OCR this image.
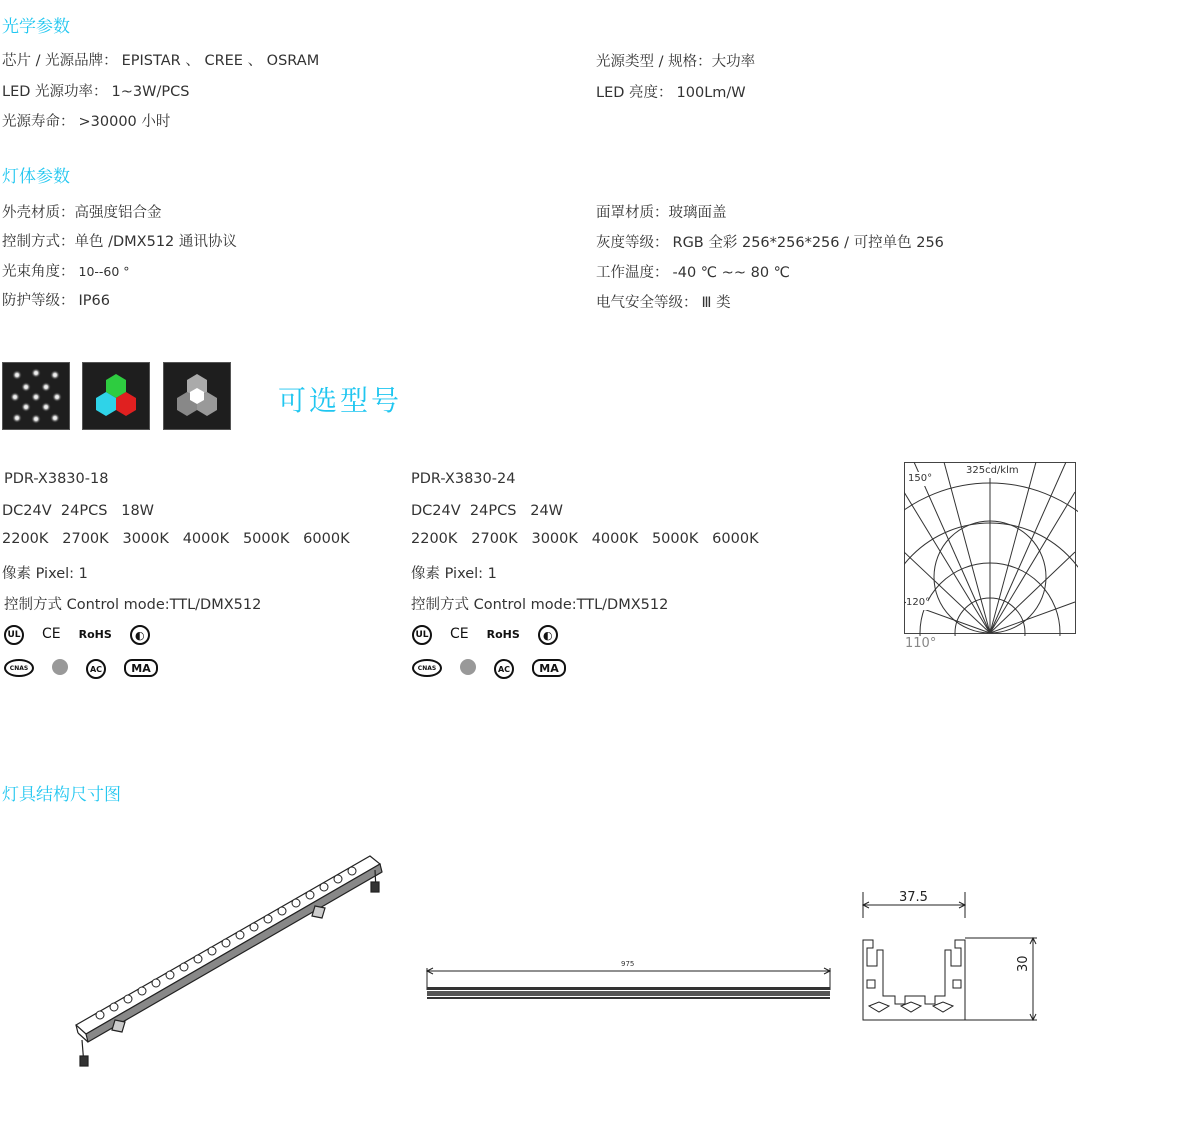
光学参数
芯片 / 光源品牌： EPISTAR 、 CREE 、 OSRAM
LED 光源功率： 1~3W/PCS
光源寿命： >30000 小时
光源类型 / 规格：大功率
LED 亮度： 100Lm/W
灯体参数
外壳材质：高强度铝合金
控制方式：单色 /DMX512 通讯协议
光束角度： 10--60 °
防护等级： IP66
面罩材质：玻璃面盖
灰度等级： RGB 全彩 256*256*256 / 可控单色 256
工作温度： -40 ℃ ~~ 80 ℃
电气安全等级： Ⅲ 类
可选型号
PDR-X3830-18
DC24V  24PCS   18W
2200K   2700K   3000K   4000K   5000K   6000K
像素 Pixel: 1
控制方式 Control mode:TTL/DMX512
UL CE RoHS	◐
CNAS	AC	MA
PDR-X3830-24
DC24V  24PCS   24W
2200K   2700K   3000K   4000K   5000K   6000K
像素 Pixel: 1
控制方式 Control mode:TTL/DMX512
UL CE RoHS	◐
CNAS	AC	MA
325cd/klm
150°
120°
110°
灯具结构尺寸图
975
37.5
30
